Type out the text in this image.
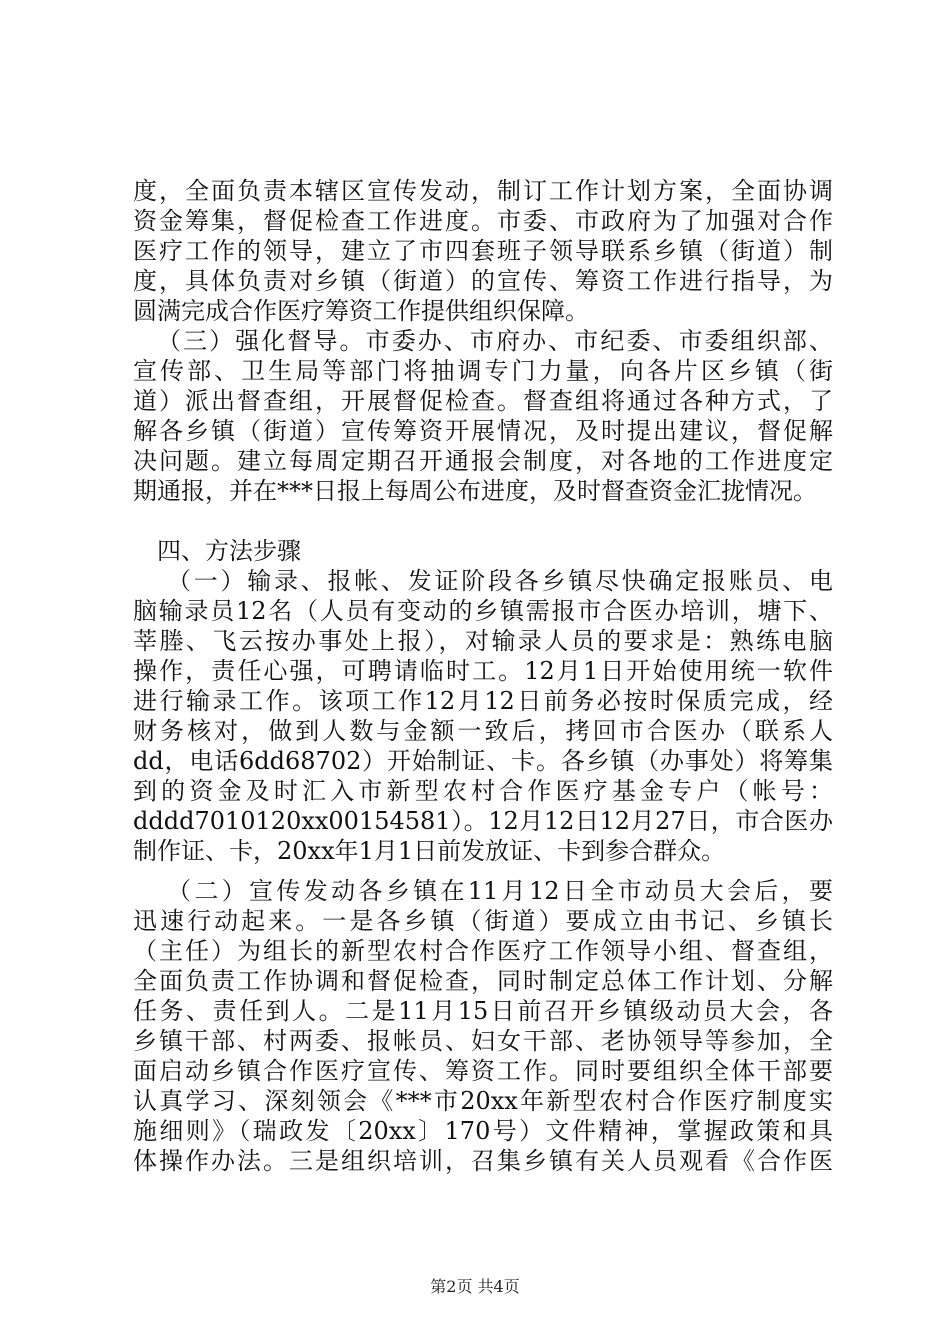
度，全面负责本辖区宣传发动，制订工作计划方案，全面协调
资金筹集，督促检查工作进度。市委、市政府为了加强对合作
医疗工作的领导，建立了市四套班子领导联系乡镇（街道）制
度，具体负责对乡镇（街道）的宣传、筹资工作进行指导，为
圆满完成合作医疗筹资工作提供组织保障。
（三）强化督导。市委办、市府办、市纪委、市委组织部、
宣传部、卫生局等部门将抽调专门力量，向各片区乡镇（街
道）派出督查组，开展督促检查。督查组将通过各种方式，了
解各乡镇（街道）宣传筹资开展情况，及时提出建议，督促解
决问题。建立每周定期召开通报会制度，对各地的工作进度定
期通报，并在***日报上每周公布进度，及时督查资金汇拢情况。
四、方法步骤
（一）输录、报帐、发证阶段各乡镇尽快确定报账员、电
脑输录员12名（人员有变动的乡镇需报市合医办培训，塘下、
莘塍、飞云按办事处上报），对输录人员的要求是：熟练电脑
操作，责任心强，可聘请临时工。12月1日开始使用统一软件
进行输录工作。该项工作12月12日前务必按时保质完成，经
财务核对，做到人数与金额一致后，拷回市合医办（联系人
dd，电话6dd68702）开始制证、卡。各乡镇（办事处）将筹集
到的资金及时汇入市新型农村合作医疗基金专户（帐号：
dddd7010120xx00154581）。12月12日12月27日，市合医办
制作证、卡，20xx年1月1日前发放证、卡到参合群众。
（二）宣传发动各乡镇在11月12日全市动员大会后，要
迅速行动起来。一是各乡镇（街道）要成立由书记、乡镇长
（主任）为组长的新型农村合作医疗工作领导小组、督查组，
全面负责工作协调和督促检查，同时制定总体工作计划、分解
任务、责任到人。二是11月15日前召开乡镇级动员大会，各
乡镇干部、村两委、报帐员、妇女干部、老协领导等参加，全
面启动乡镇合作医疗宣传、筹资工作。同时要组织全体干部要
认真学习、深刻领会《***市20xx年新型农村合作医疗制度实
施细则》（瑞政发〔20xx〕170号）文件精神，掌握政策和具
体操作办法。三是组织培训，召集乡镇有关人员观看《合作医
第2页 共4页
